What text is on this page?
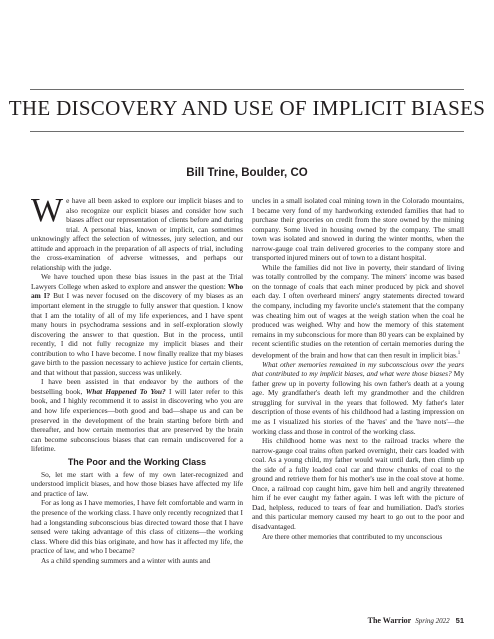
THE DISCOVERY AND USE OF IMPLICIT BIASES
Bill Trine, Boulder, CO

We have all been asked to explore our implicit biases and to also recognize our explicit biases and consider how such biases affect our representation of clients before and during trial. A personal bias, known or implicit, can sometimes unknowingly affect the selection of witnesses, jury selection, and our attitude and approach in the preparation of all aspects of trial, including the cross-examination of adverse witnesses, and perhaps our relationship with the judge.

We have touched upon these bias issues in the past at the Trial Lawyers College when asked to explore and answer the question: Who am I? But I was never focused on the discovery of my biases as an important element in the struggle to fully answer that question. I know that I am the totality of all of my life experiences, and I have spent many hours in psychodrama sessions and in self-exploration slowly discovering the answer to that question. But in the process, until recently, I did not fully recognize my implicit biases and their contribution to who I have become. I now finally realize that my biases gave birth to the passion necessary to achieve justice for certain clients, and that without that passion, success was unlikely.

I have been assisted in that endeavor by the authors of the bestselling book, What Happened To You? I will later refer to this book, and I highly recommend it to assist in discovering who you are and how life experiences—both good and bad—shape us and can be preserved in the development of the brain starting before birth and thereafter, and how certain memories that are preserved by the brain can become subconscious biases that can remain undiscovered for a lifetime.

The Poor and the Working Class

So, let me start with a few of my own later-recognized and understood implicit biases, and how those biases have affected my life and practice of law.

For as long as I have memories, I have felt comfortable and warm in the presence of the working class. I have only recently recognized that I had a longstanding subconscious bias directed toward those that I have sensed were taking advantage of this class of citizens—the working class. Where did this bias originate, and how has it affected my life, the practice of law, and who I became?

As a child spending summers and a winter with aunts and

uncles in a small isolated coal mining town in the Colorado mountains, I became very fond of my hardworking extended families that had to purchase their groceries on credit from the store owned by the mining company. Some lived in housing owned by the company. The small town was isolated and snowed in during the winter months, when the narrow-gauge coal train delivered groceries to the company store and transported injured miners out of town to a distant hospital.

While the families did not live in poverty, their standard of living was totally controlled by the company. The miners' income was based on the tonnage of coals that each miner produced by pick and shovel each day. I often overheard miners' angry statements directed toward the company, including my favorite uncle's statement that the company was cheating him out of wages at the weigh station when the coal he produced was weighed. Why and how the memory of this statement remains in my subconscious for more than 80 years can be explained by recent scientific studies on the retention of certain memories during the development of the brain and how that can then result in implicit bias.$^1$

What other memories remained in my subconscious over the years that contributed to my implicit biases, and what were those biases? My father grew up in poverty following his own father's death at a young age. My grandfather's death left my grandmother and the children struggling for survival in the years that followed. My father's later description of those events of his childhood had a lasting impression on me as I visualized his stories of the 'haves' and the 'have nots'—the working class and those in control of the working class.

His childhood home was next to the railroad tracks where the narrow-gauge coal trains often parked overnight, their cars loaded with coal. As a young child, my father would wait until dark, then climb up the side of a fully loaded coal car and throw chunks of coal to the ground and retrieve them for his mother's use in the coal stove at home. Once, a railroad cop caught him, gave him hell and angrily threatened him if he ever caught my father again. I was left with the picture of Dad, helpless, reduced to tears of fear and humiliation. Dad's stories and this particular memory caused my heart to go out to the poor and disadvantaged.

Are there other memories that contributed to my unconscious

The Warrior Spring 2022 51
